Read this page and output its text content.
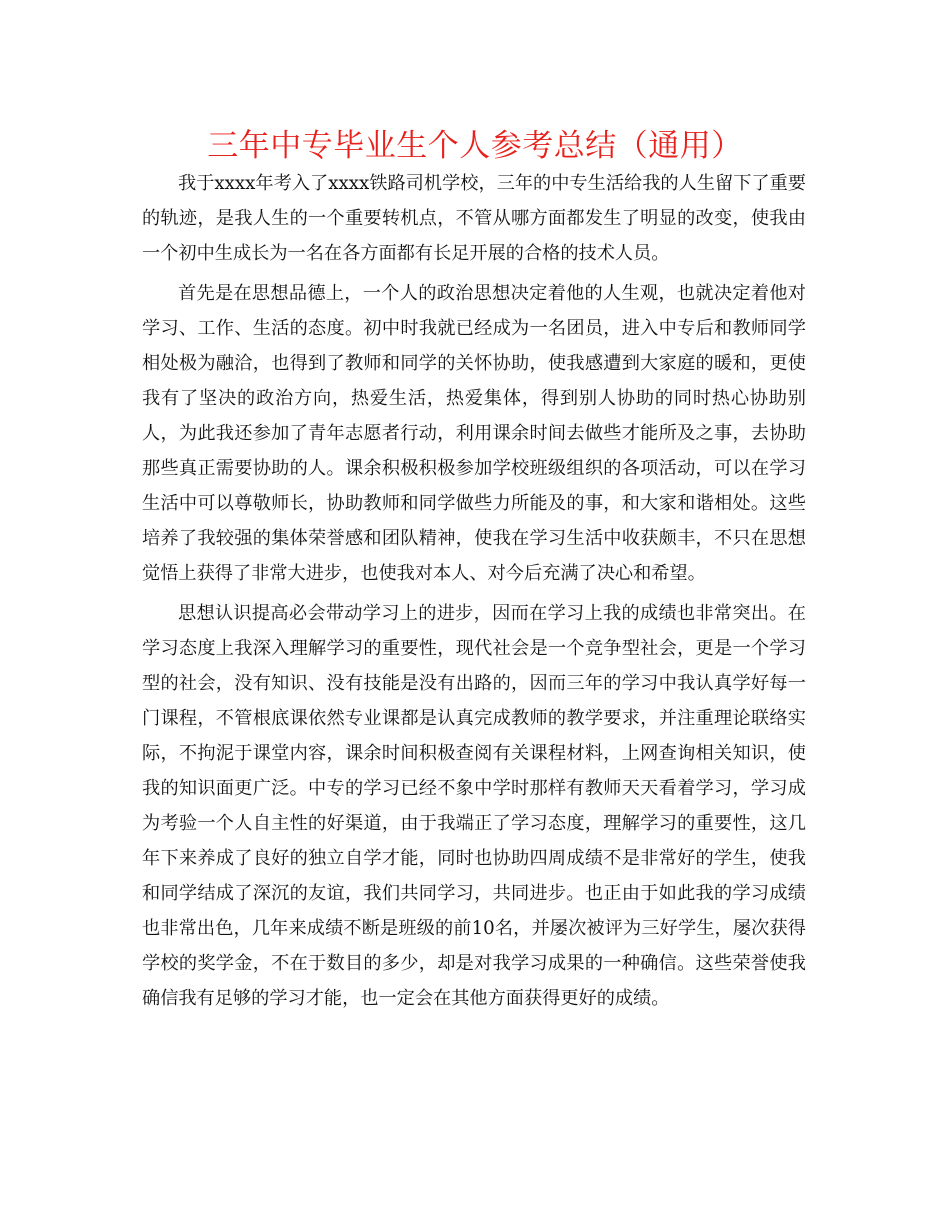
三年中专毕业生个人参考总结（通用）

我于xxxx年考入了xxxx铁路司机学校，三年的中专生活给我的人生留下了重要的轨迹，是我人生的一个重要转机点，不管从哪方面都发生了明显的改变，使我由一个初中生成长为一名在各方面都有长足开展的合格的技术人员。

首先是在思想品德上，一个人的政治思想决定着他的人生观，也就决定着他对学习、工作、生活的态度。初中时我就已经成为一名团员，进入中专后和教师同学相处极为融洽，也得到了教师和同学的关怀协助，使我感遭到大家庭的暖和，更使我有了坚决的政治方向，热爱生活，热爱集体，得到别人协助的同时热心协助别人，为此我还参加了青年志愿者行动，利用课余时间去做些才能所及之事，去协助那些真正需要协助的人。课余积极积极参加学校班级组织的各项活动，可以在学习生活中可以尊敬师长，协助教师和同学做些力所能及的事，和大家和谐相处。这些培养了我较强的集体荣誉感和团队精神，使我在学习生活中收获颇丰，不只在思想觉悟上获得了非常大进步，也使我对本人、对今后充满了决心和希望。

思想认识提高必会带动学习上的进步，因而在学习上我的成绩也非常突出。在学习态度上我深入理解学习的重要性，现代社会是一个竞争型社会，更是一个学习型的社会，没有知识、没有技能是没有出路的，因而三年的学习中我认真学好每一门课程，不管根底课依然专业课都是认真完成教师的教学要求，并注重理论联络实际，不拘泥于课堂内容，课余时间积极查阅有关课程材料，上网查询相关知识，使我的知识面更广泛。中专的学习已经不象中学时那样有教师天天看着学习，学习成为考验一个人自主性的好渠道，由于我端正了学习态度，理解学习的重要性，这几年下来养成了良好的独立自学才能，同时也协助四周成绩不是非常好的学生，使我和同学结成了深沉的友谊，我们共同学习，共同进步。也正由于如此我的学习成绩也非常出色，几年来成绩不断是班级的前10名，并屡次被评为三好学生，屡次获得学校的奖学金，不在于数目的多少，却是对我学习成果的一种确信。这些荣誉使我确信我有足够的学习才能，也一定会在其他方面获得更好的成绩。
